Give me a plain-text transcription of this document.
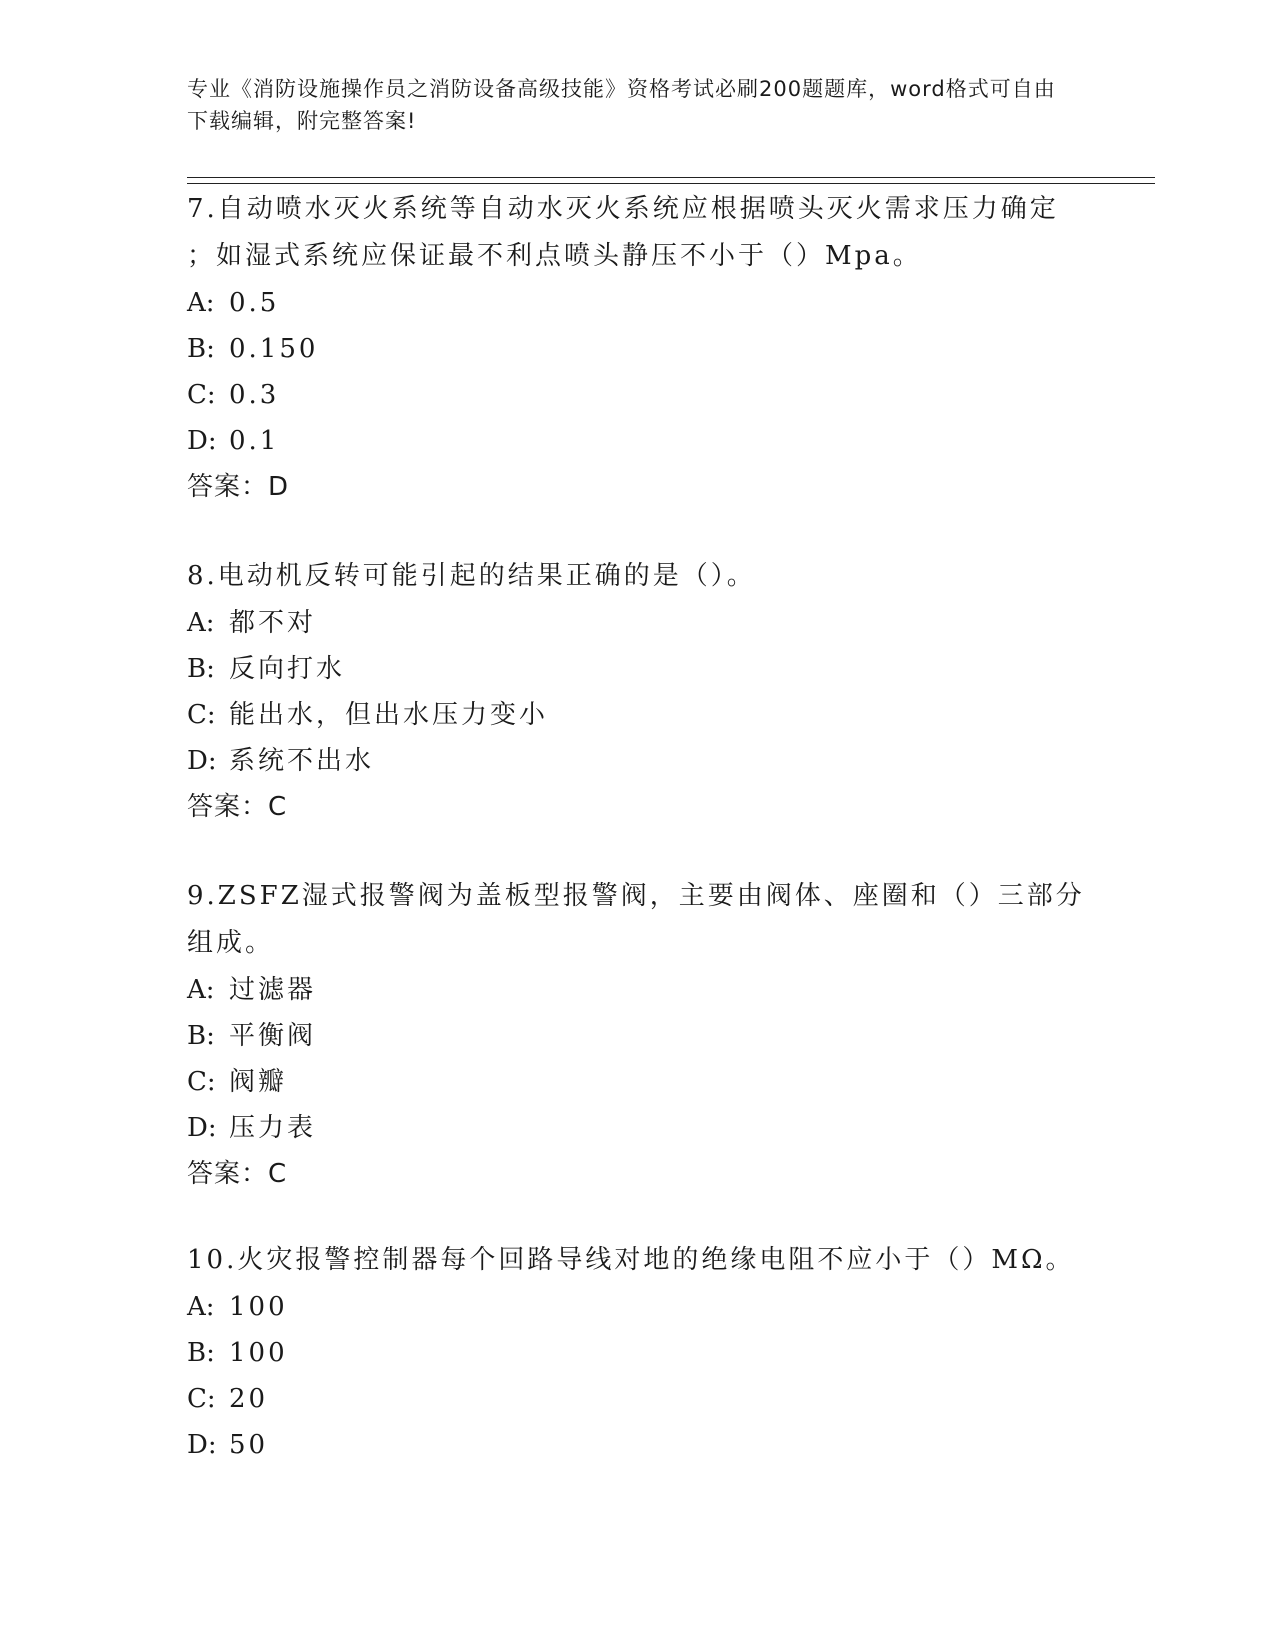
专业《消防设施操作员之消防设备高级技能》资格考试必刷200题题库，word格式可自由下载编辑，附完整答案!

7.自动喷水灭火系统等自动水灭火系统应根据喷头灭火需求压力确定

；如湿式系统应保证最不利点喷头静压不小于（）Mpa。

A: 0.5

B: 0.150

C: 0.3

D: 0.1

答案：D

8.电动机反转可能引起的结果正确的是（）。

A: 都不对

B: 反向打水

C: 能出水，但出水压力变小

D: 系统不出水

答案：C

9.ZSFZ湿式报警阀为盖板型报警阀，主要由阀体、座圈和（）三部分

组成。

A: 过滤器

B: 平衡阀

C: 阀瓣

D: 压力表

答案：C

10.火灾报警控制器每个回路导线对地的绝缘电阻不应小于（）MΩ。

A: 100

B: 100

C: 20

D: 50
